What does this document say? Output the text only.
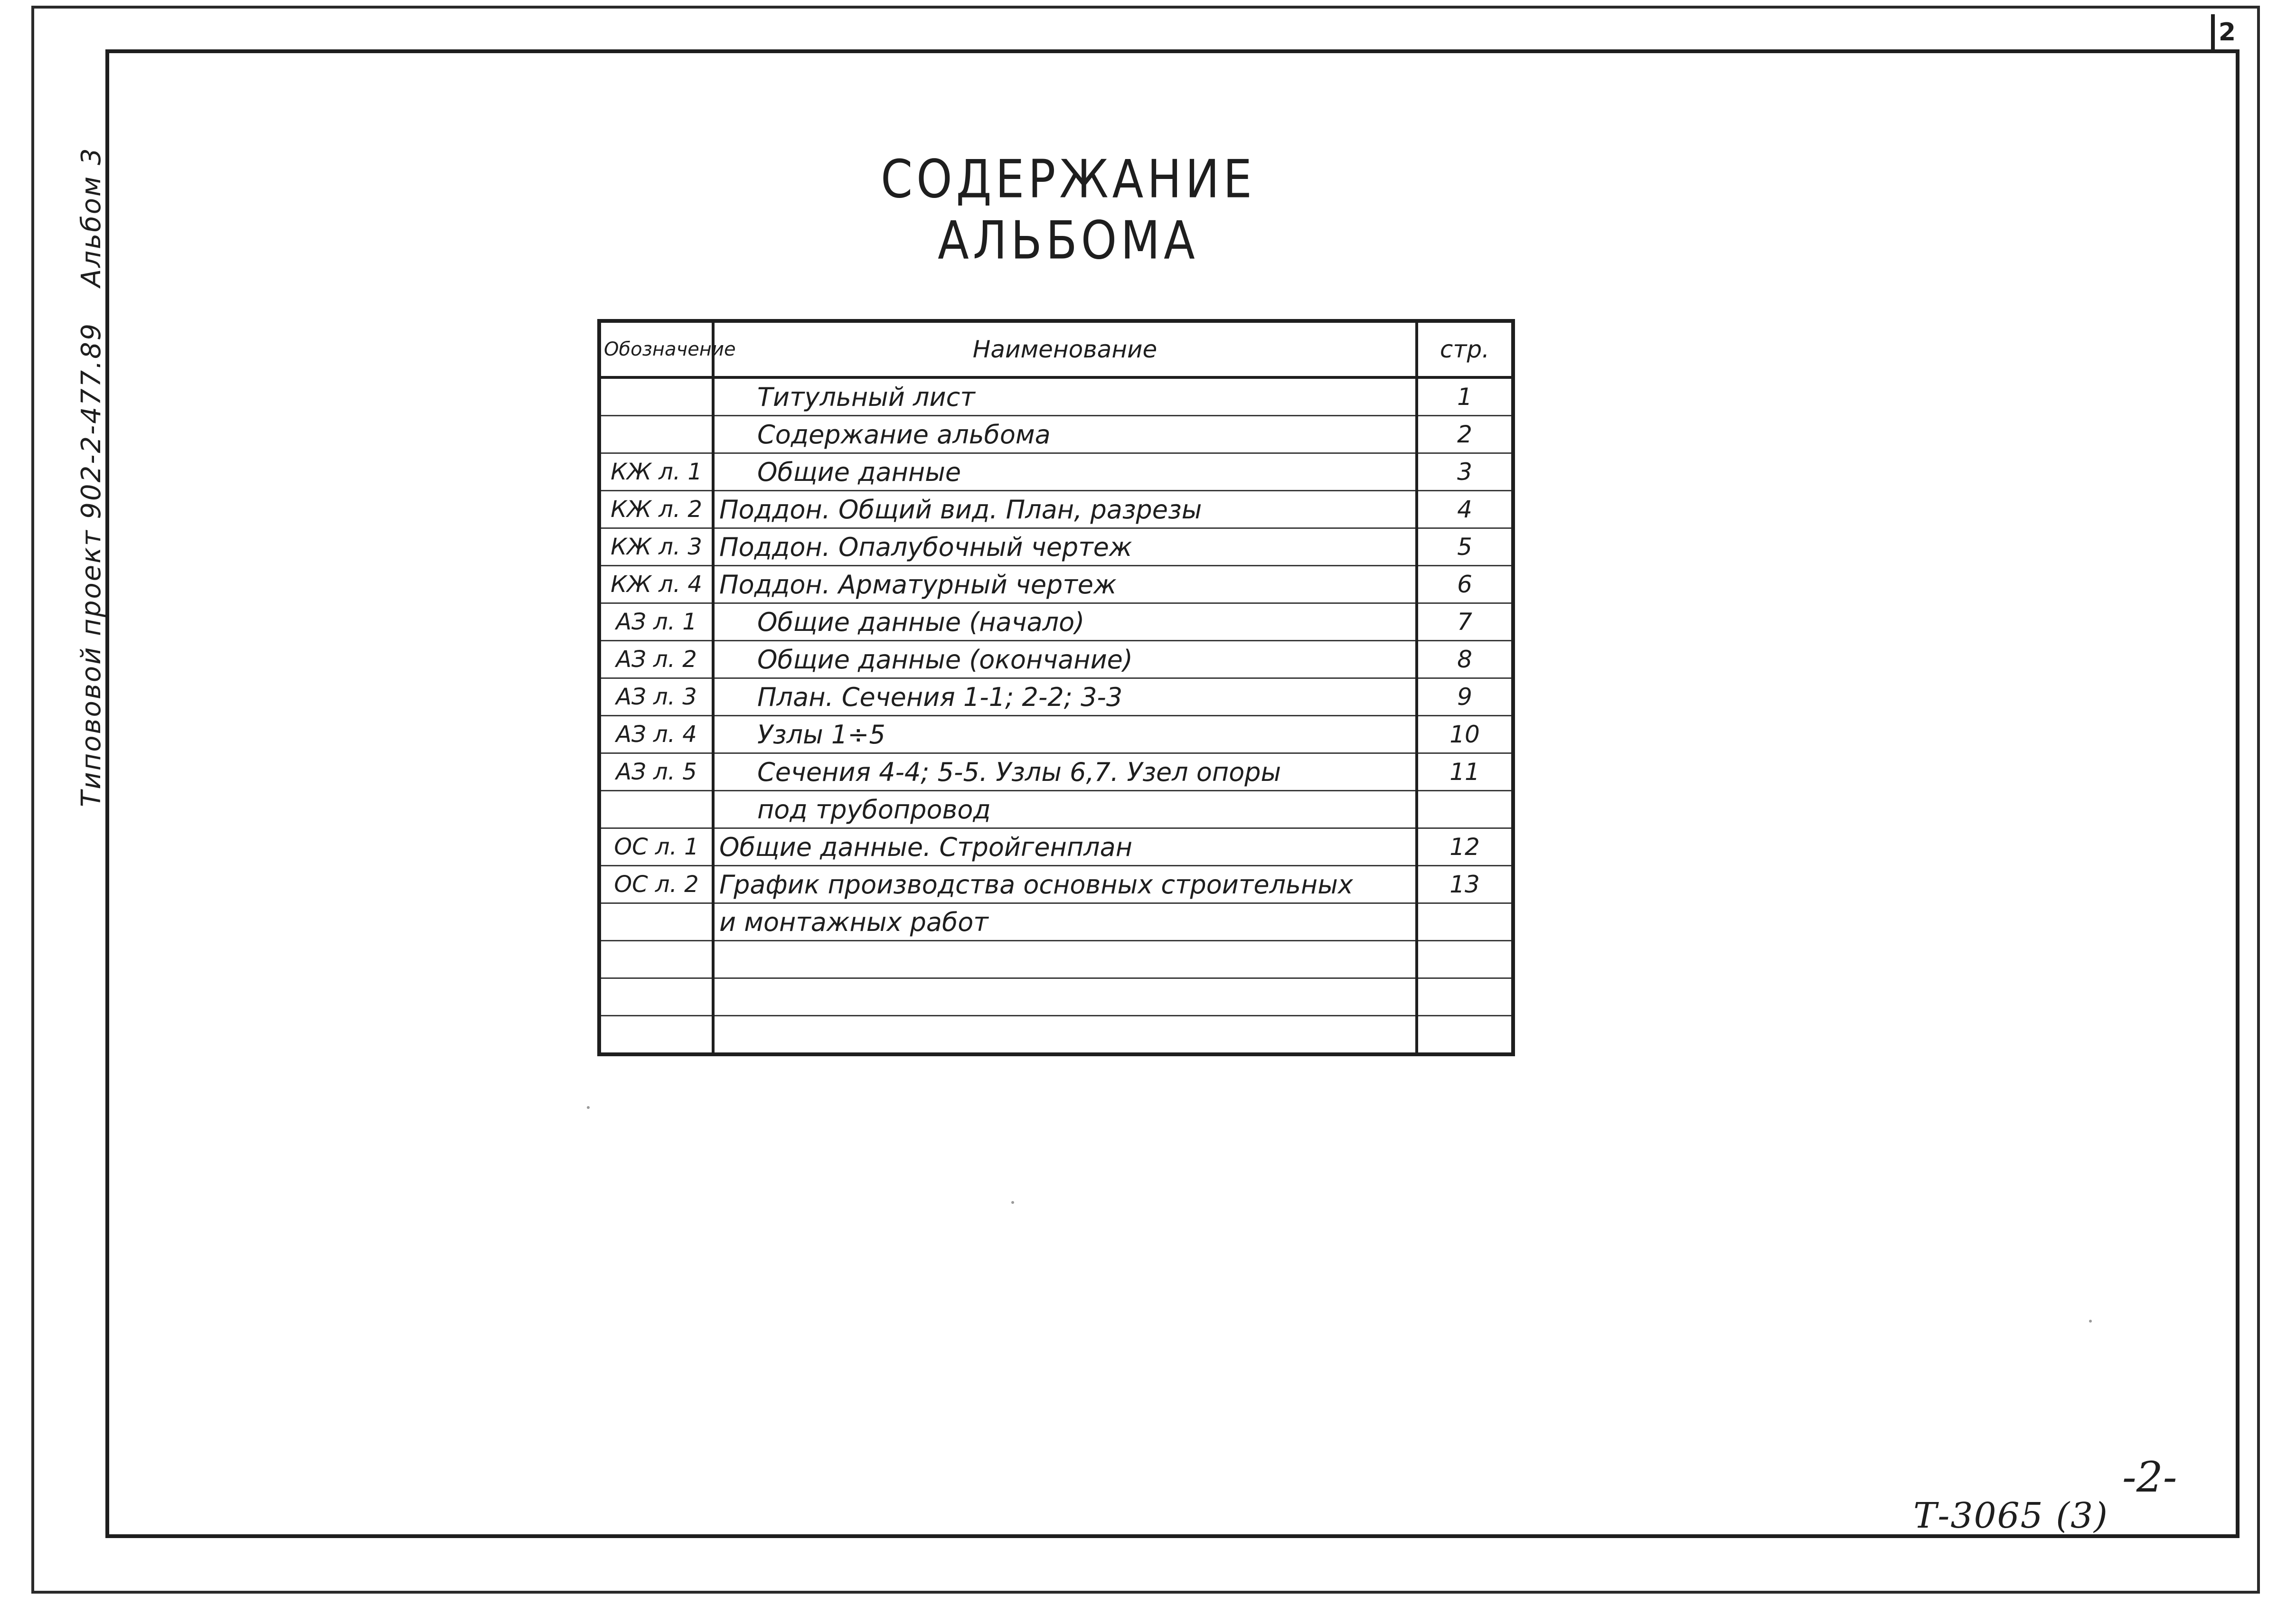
2
Типововой проект 902-2-477.89
Альбом 3	СОДЕРЖАНИЕ АЛЬБОМА
Обозначение	Наименование	стр.
	Титульный лист	1
	Содержание альбома	2
КЖ л. 1	Общие данные	3
КЖ л. 2	Поддон. Общий вид. План, разрезы	4
КЖ л. 3	Поддон. Опалубочный чертеж	5
КЖ л. 4	Поддон. Арматурный чертеж	6
АЗ л. 1	Общие данные (начало)	7
АЗ л. 2	Общие данные (окончание)	8
АЗ л. 3	План. Сечения 1-1; 2-2; 3-3	9
АЗ л. 4	Узлы 1÷5	10
АЗ л. 5	Сечения 4-4; 5-5. Узлы 6,7. Узел опоры	11
	под трубопровод	
ОС л. 1	Общие данные. Стройгенплан	12
ОС л. 2	График производства основных строительных	13
	и монтажных работ	

-2-
Т-3065 (3)
